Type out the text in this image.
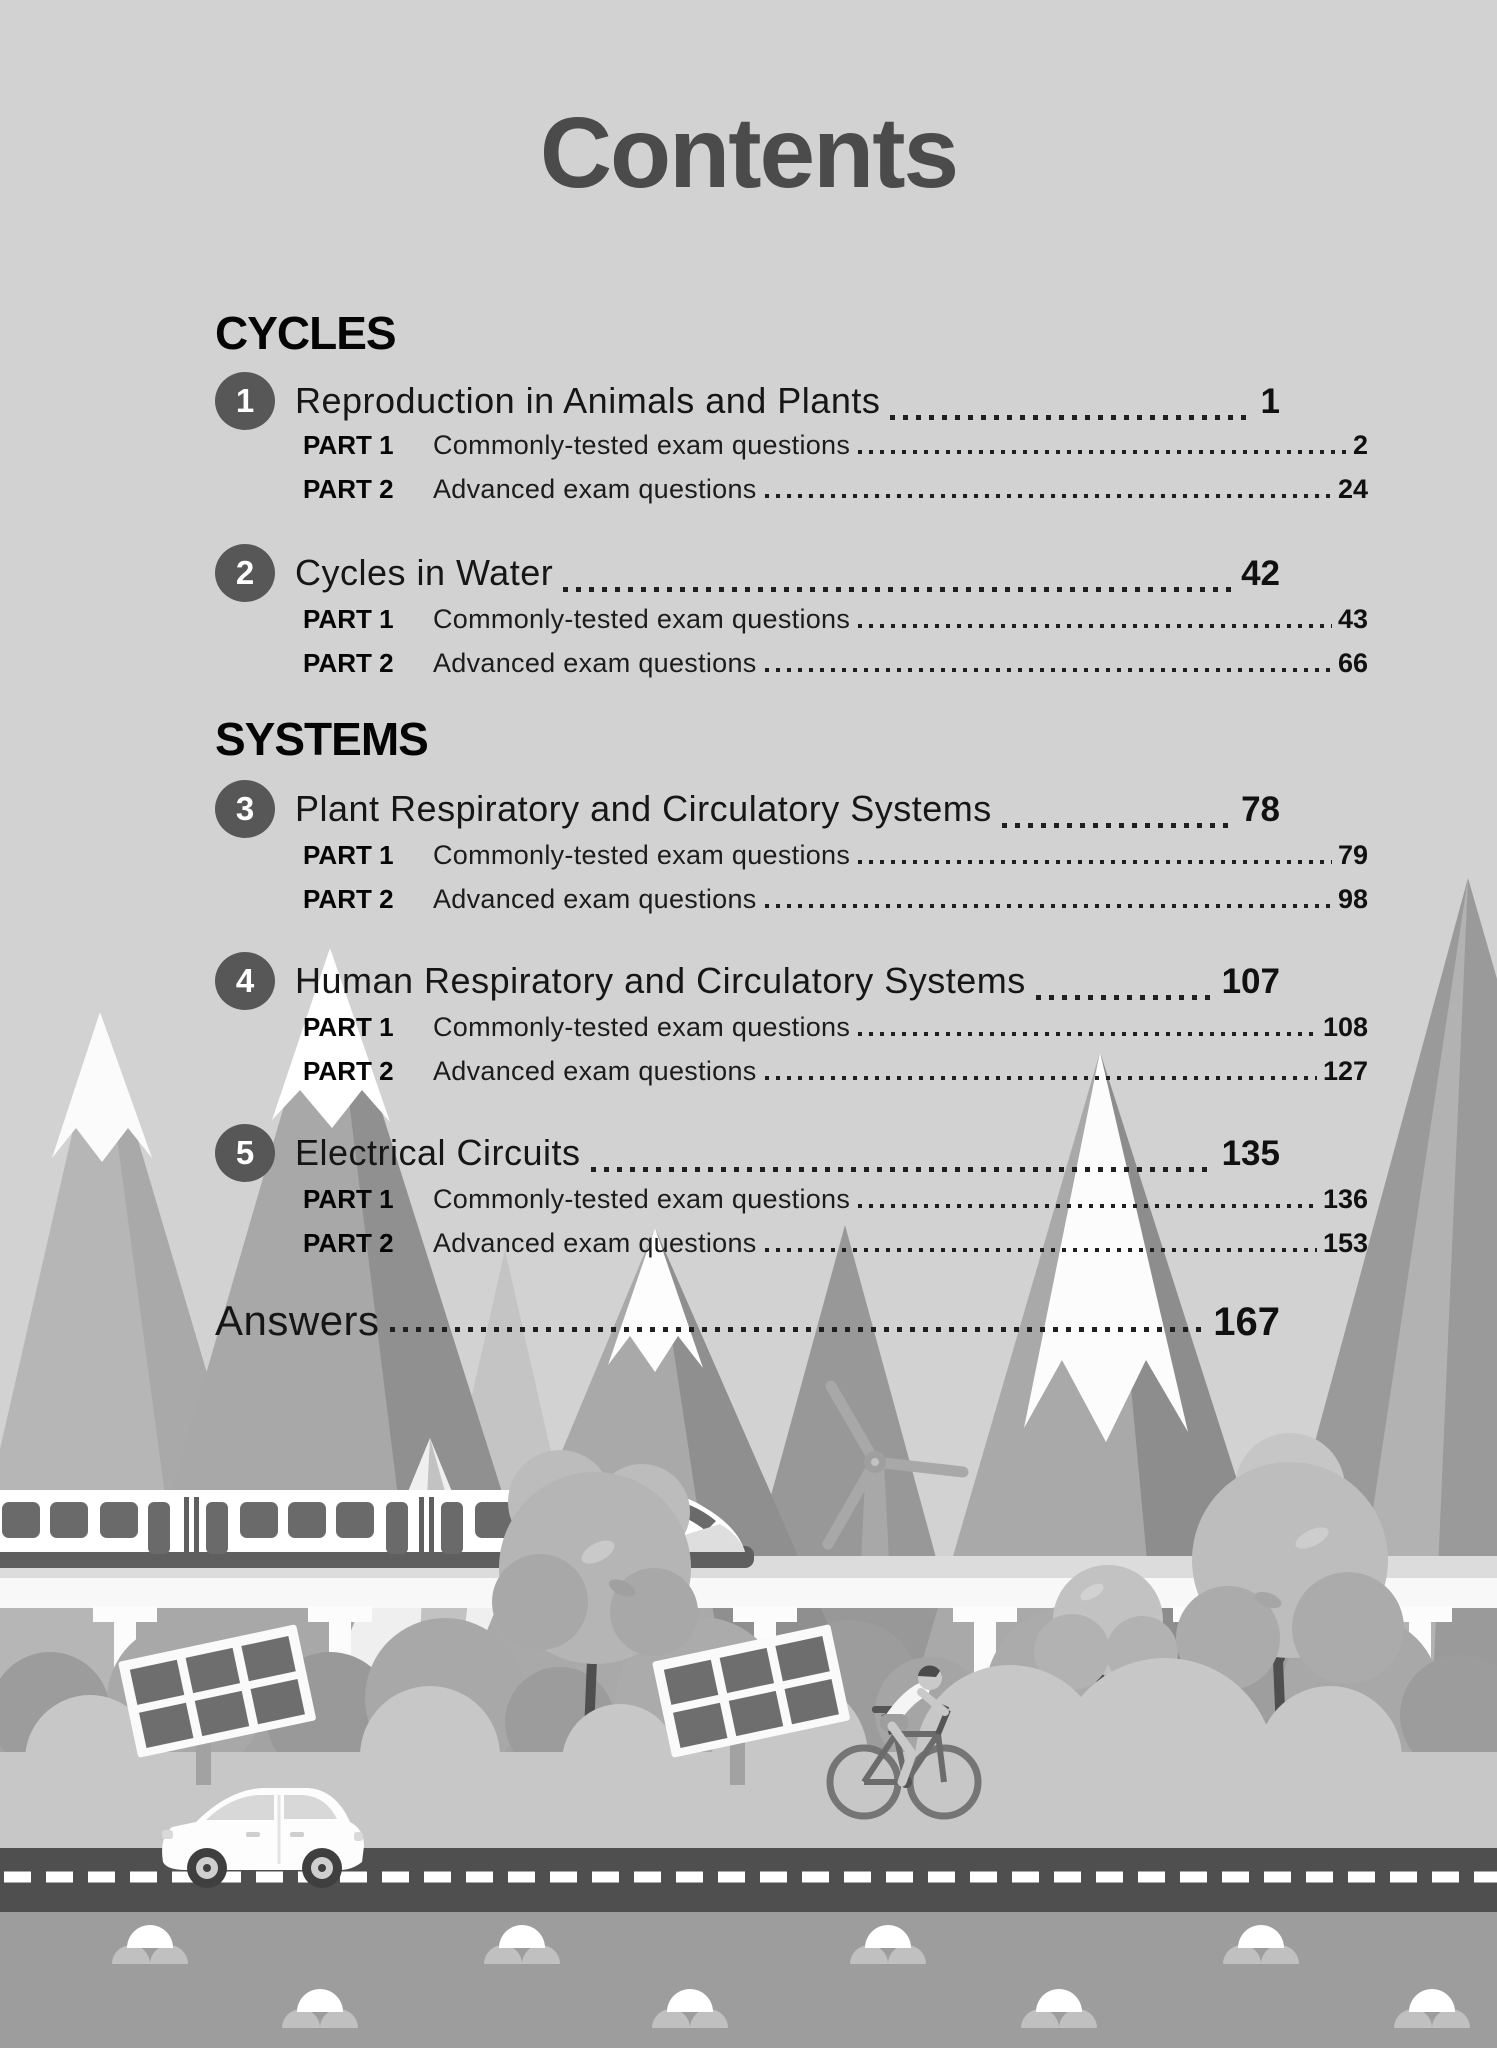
Contents
CYCLES
1	Reproduction in Animals and Plants	1
PART 1	Commonly-tested exam questions	2
PART 2	Advanced exam questions	24
2	Cycles in Water	42
PART 1	Commonly-tested exam questions	43
PART 2	Advanced exam questions	66
SYSTEMS
3	Plant Respiratory and Circulatory Systems	78
PART 1	Commonly-tested exam questions	79
PART 2	Advanced exam questions	98
4	Human Respiratory and Circulatory Systems	107
PART 1	Commonly-tested exam questions	108
PART 2	Advanced exam questions	127
5	Electrical Circuits	135
PART 1	Commonly-tested exam questions	136
PART 2	Advanced exam questions	153
Answers	167
